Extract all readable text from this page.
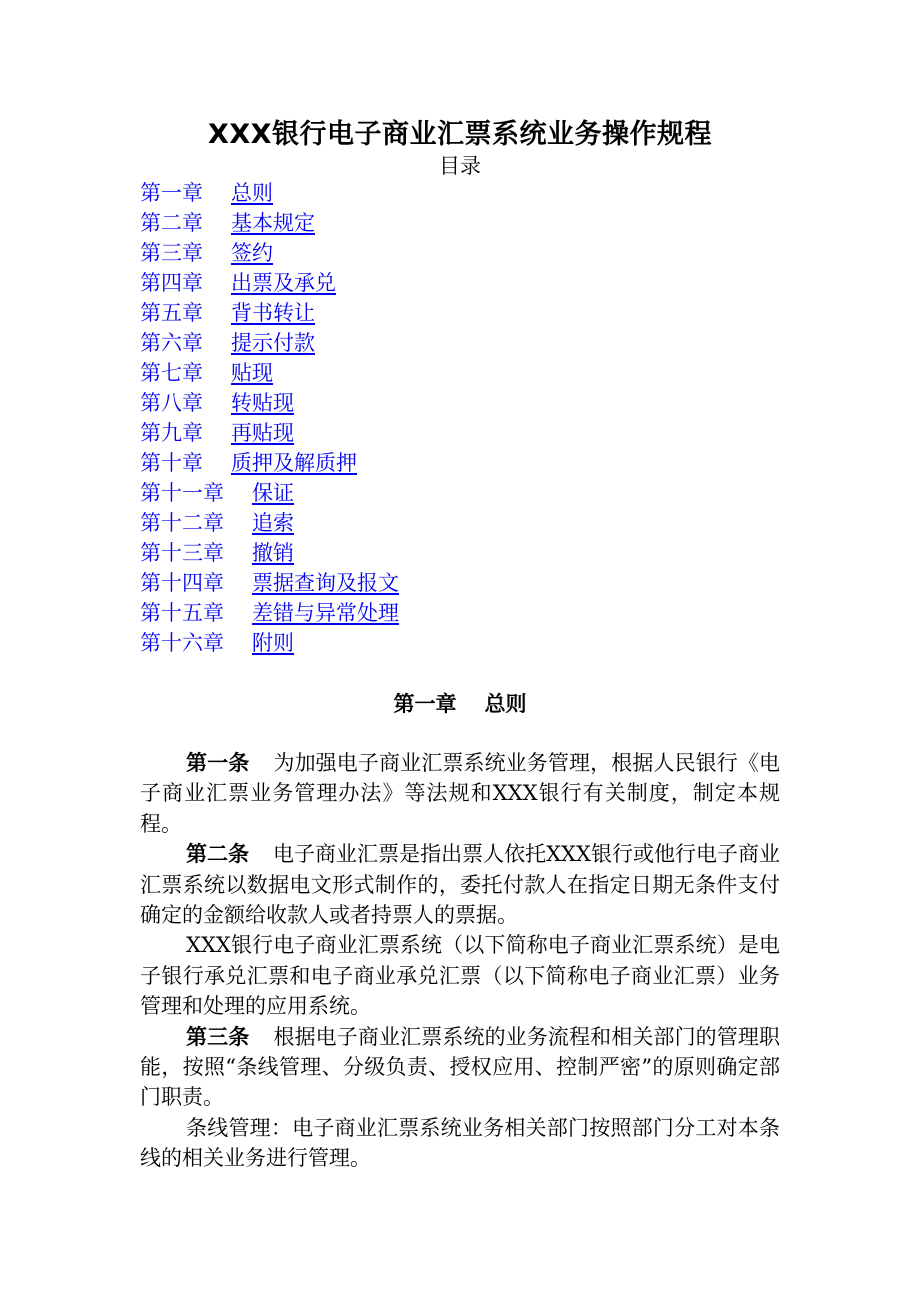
XXX银行电子商业汇票系统业务操作规程
目录
第一章 总则
第二章 基本规定
第三章 签约
第四章 出票及承兑
第五章 背书转让
第六章 提示付款
第七章 贴现
第八章 转贴现
第九章 再贴现
第十章 质押及解质押
第十一章 保证
第十二章 追索
第十三章 撤销
第十四章 票据查询及报文
第十五章 差错与异常处理
第十六章 附则
第一章 总则

第一条 为加强电子商业汇票系统业务管理，根据人民银行《电子商业汇票业务管理办法》等法规和XXX银行有关制度，制定本规程。

第二条 电子商业汇票是指出票人依托XXX银行或他行电子商业汇票系统以数据电文形式制作的，委托付款人在指定日期无条件支付确定的金额给收款人或者持票人的票据。

XXX银行电子商业汇票系统（以下简称电子商业汇票系统）是电子银行承兑汇票和电子商业承兑汇票（以下简称电子商业汇票）业务管理和处理的应用系统。

第三条 根据电子商业汇票系统的业务流程和相关部门的管理职能，按照“条线管理、分级负责、授权应用、控制严密”的原则确定部门职责。

条线管理：电子商业汇票系统业务相关部门按照部门分工对本条线的相关业务进行管理。
